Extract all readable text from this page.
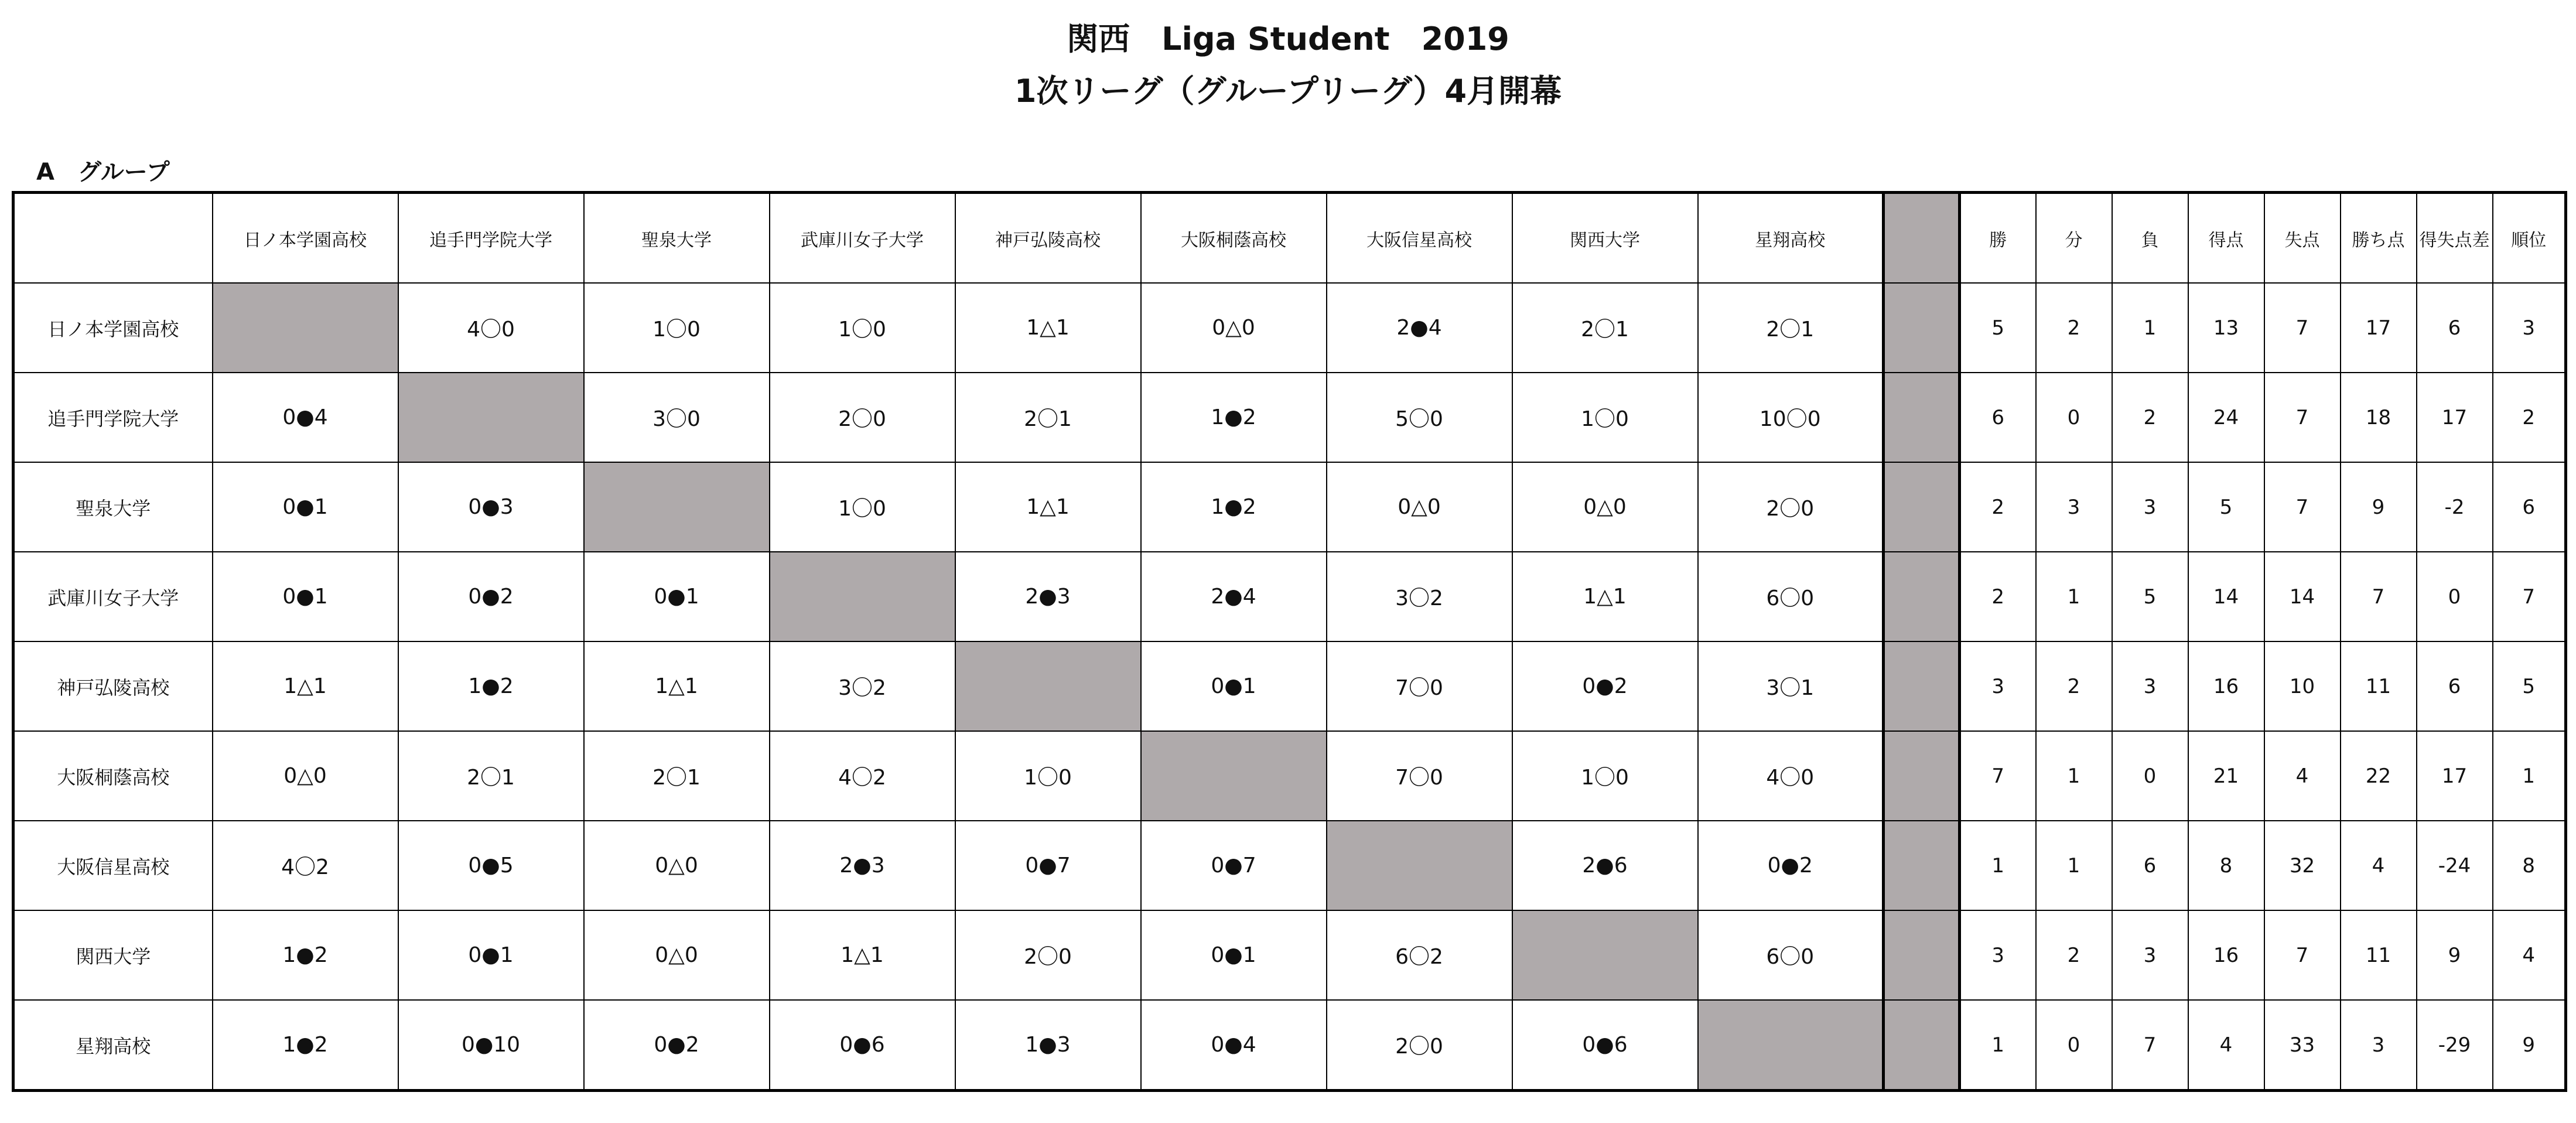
関西　Liga Student　2019
1次リーグ（グループリーグ）4月開幕
A　グループ
	日ノ本学園高校	追手門学院大学	聖泉大学	武庫川女子大学	神戸弘陵高校	大阪桐蔭高校	大阪信星高校	関西大学	星翔高校		勝	分	負	得点	失点	勝ち点	得失点差	順位
日ノ本学園高校		4〇0	1〇0	1〇0	1△1	0△0	2●4	2〇1	2〇1		5	2	1	13	7	17	6	3
追手門学院大学	0●4		3〇0	2〇0	2〇1	1●2	5〇0	1〇0	10〇0		6	0	2	24	7	18	17	2
聖泉大学	0●1	0●3		1〇0	1△1	1●2	0△0	0△0	2〇0		2	3	3	5	7	9	-2	6
武庫川女子大学	0●1	0●2	0●1		2●3	2●4	3〇2	1△1	6〇0		2	1	5	14	14	7	0	7
神戸弘陵高校	1△1	1●2	1△1	3〇2		0●1	7〇0	0●2	3〇1		3	2	3	16	10	11	6	5
大阪桐蔭高校	0△0	2〇1	2〇1	4〇2	1〇0		7〇0	1〇0	4〇0		7	1	0	21	4	22	17	1
大阪信星高校	4〇2	0●5	0△0	2●3	0●7	0●7		2●6	0●2		1	1	6	8	32	4	-24	8
関西大学	1●2	0●1	0△0	1△1	2〇0	0●1	6〇2		6〇0		3	2	3	16	7	11	9	4
星翔高校	1●2	0●10	0●2	0●6	1●3	0●4	2〇0	0●6			1	0	7	4	33	3	-29	9
